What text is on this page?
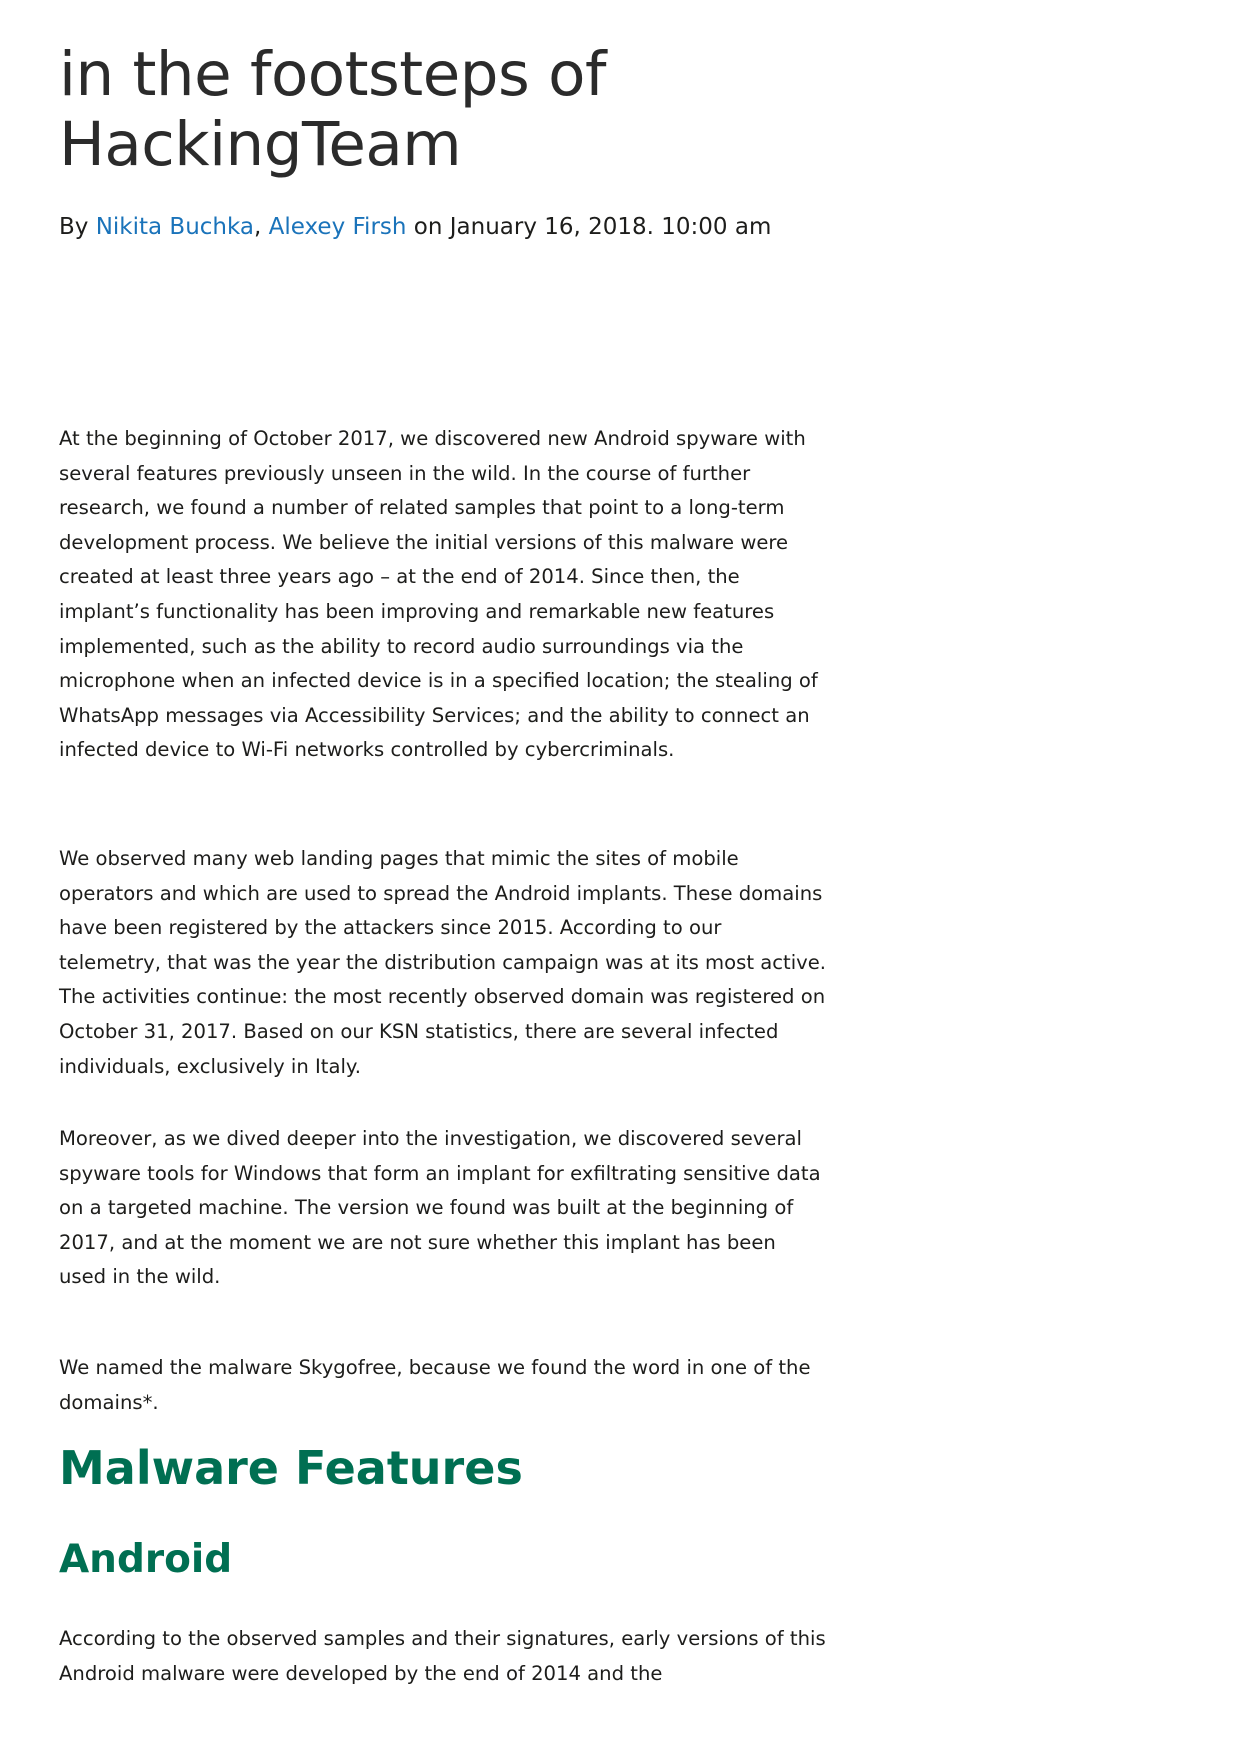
in the footsteps of
HackingTeam
By Nikita Buchka, Alexey Firsh on January 16, 2018. 10:00 am

At the beginning of October 2017, we discovered new Android spyware with several features previously unseen in the wild. In the course of further research, we found a number of related samples that point to a long-term development process. We believe the initial versions of this malware were created at least three years ago – at the end of 2014. Since then, the implant’s functionality has been improving and remarkable new features implemented, such as the ability to record audio surroundings via the microphone when an infected device is in a specified location; the stealing of WhatsApp messages via Accessibility Services; and the ability to connect an infected device to Wi-Fi networks controlled by cybercriminals.

We observed many web landing pages that mimic the sites of mobile operators and which are used to spread the Android implants. These domains have been registered by the attackers since 2015. According to our telemetry, that was the year the distribution campaign was at its most active. The activities continue: the most recently observed domain was registered on October 31, 2017. Based on our KSN statistics, there are several infected individuals, exclusively in Italy.

Moreover, as we dived deeper into the investigation, we discovered several spyware tools for Windows that form an implant for exfiltrating sensitive data on a targeted machine. The version we found was built at the beginning of 2017, and at the moment we are not sure whether this implant has been used in the wild.

We named the malware Skygofree, because we found the word in one of the domains*.

Malware Features
Android

According to the observed samples and their signatures, early versions of this Android malware were developed by the end of 2014 and the
